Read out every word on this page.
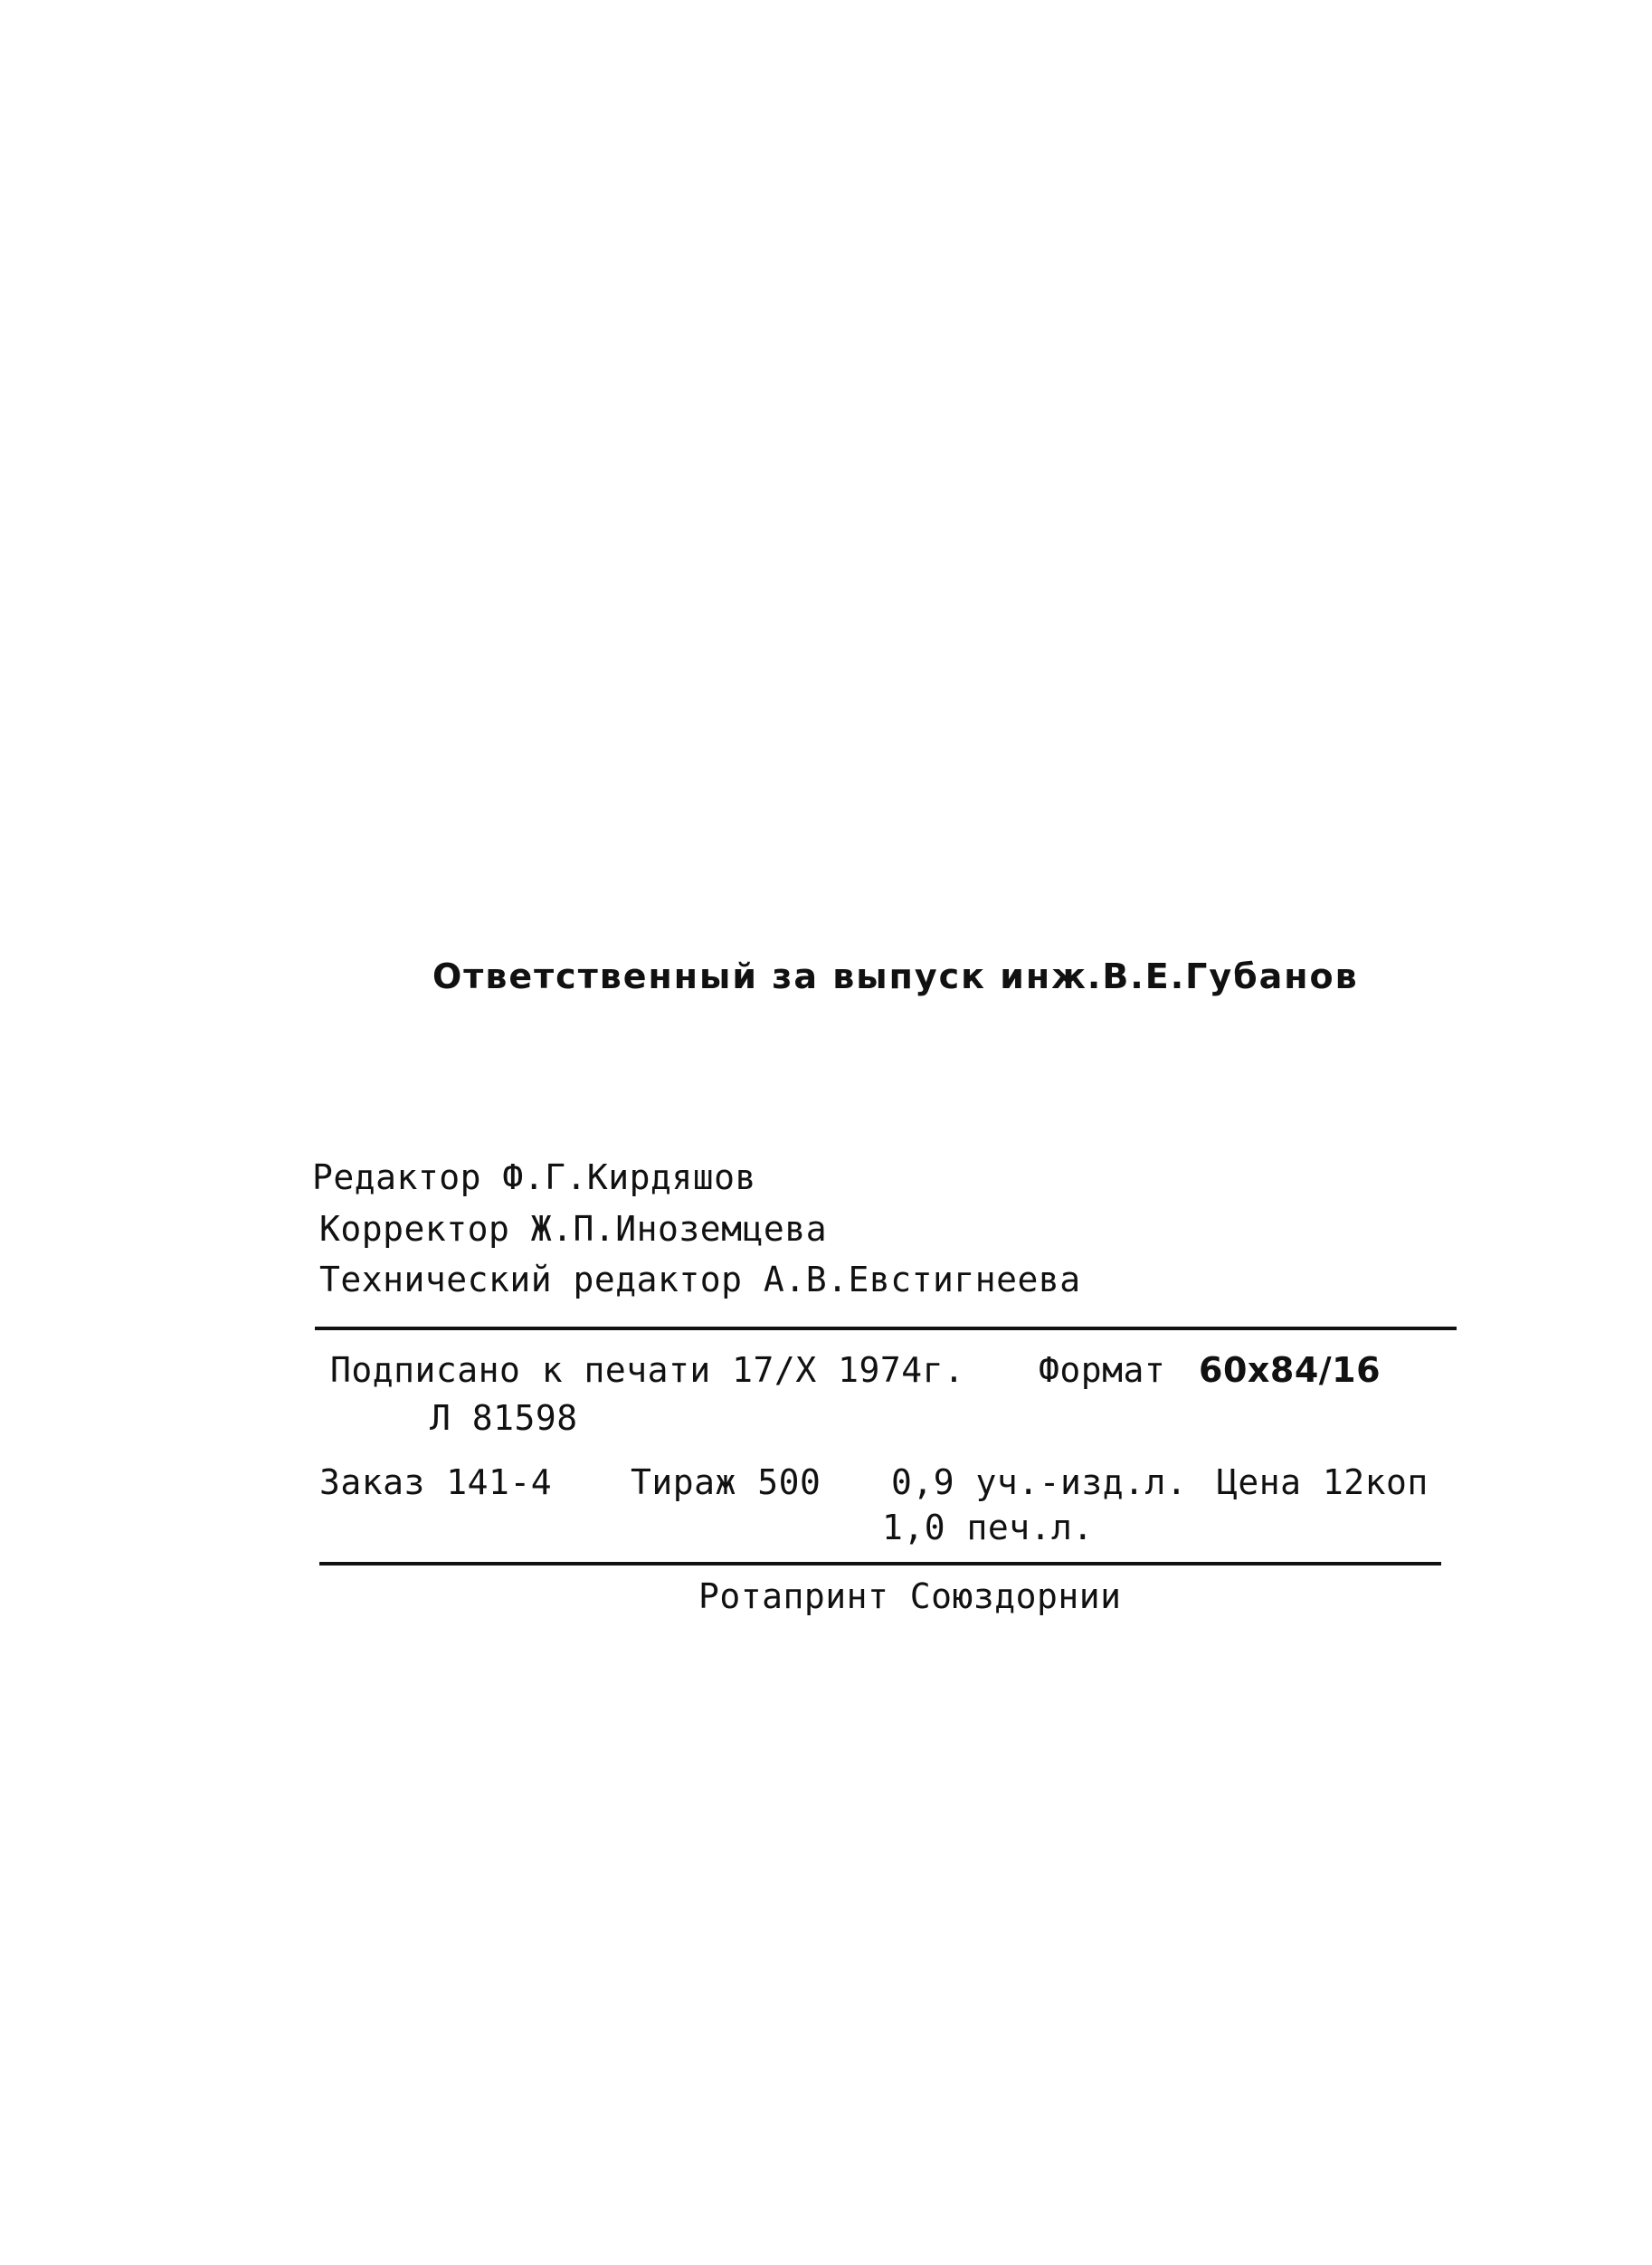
Ответственный за выпуск инж.В.Е.Губанов
Редактор Ф.Г.Кирдяшов
Корректор Ж.П.Иноземцева
Технический редактор А.В.Евстигнеева
Подписано к печати 17/Х 1974г. Формат 60х84/16
Л 81598
Заказ 141-4 Тираж 500 0,9 уч.-изд.л. Цена 12коп
1,0 печ.л.
Ротапринт Союздорнии
